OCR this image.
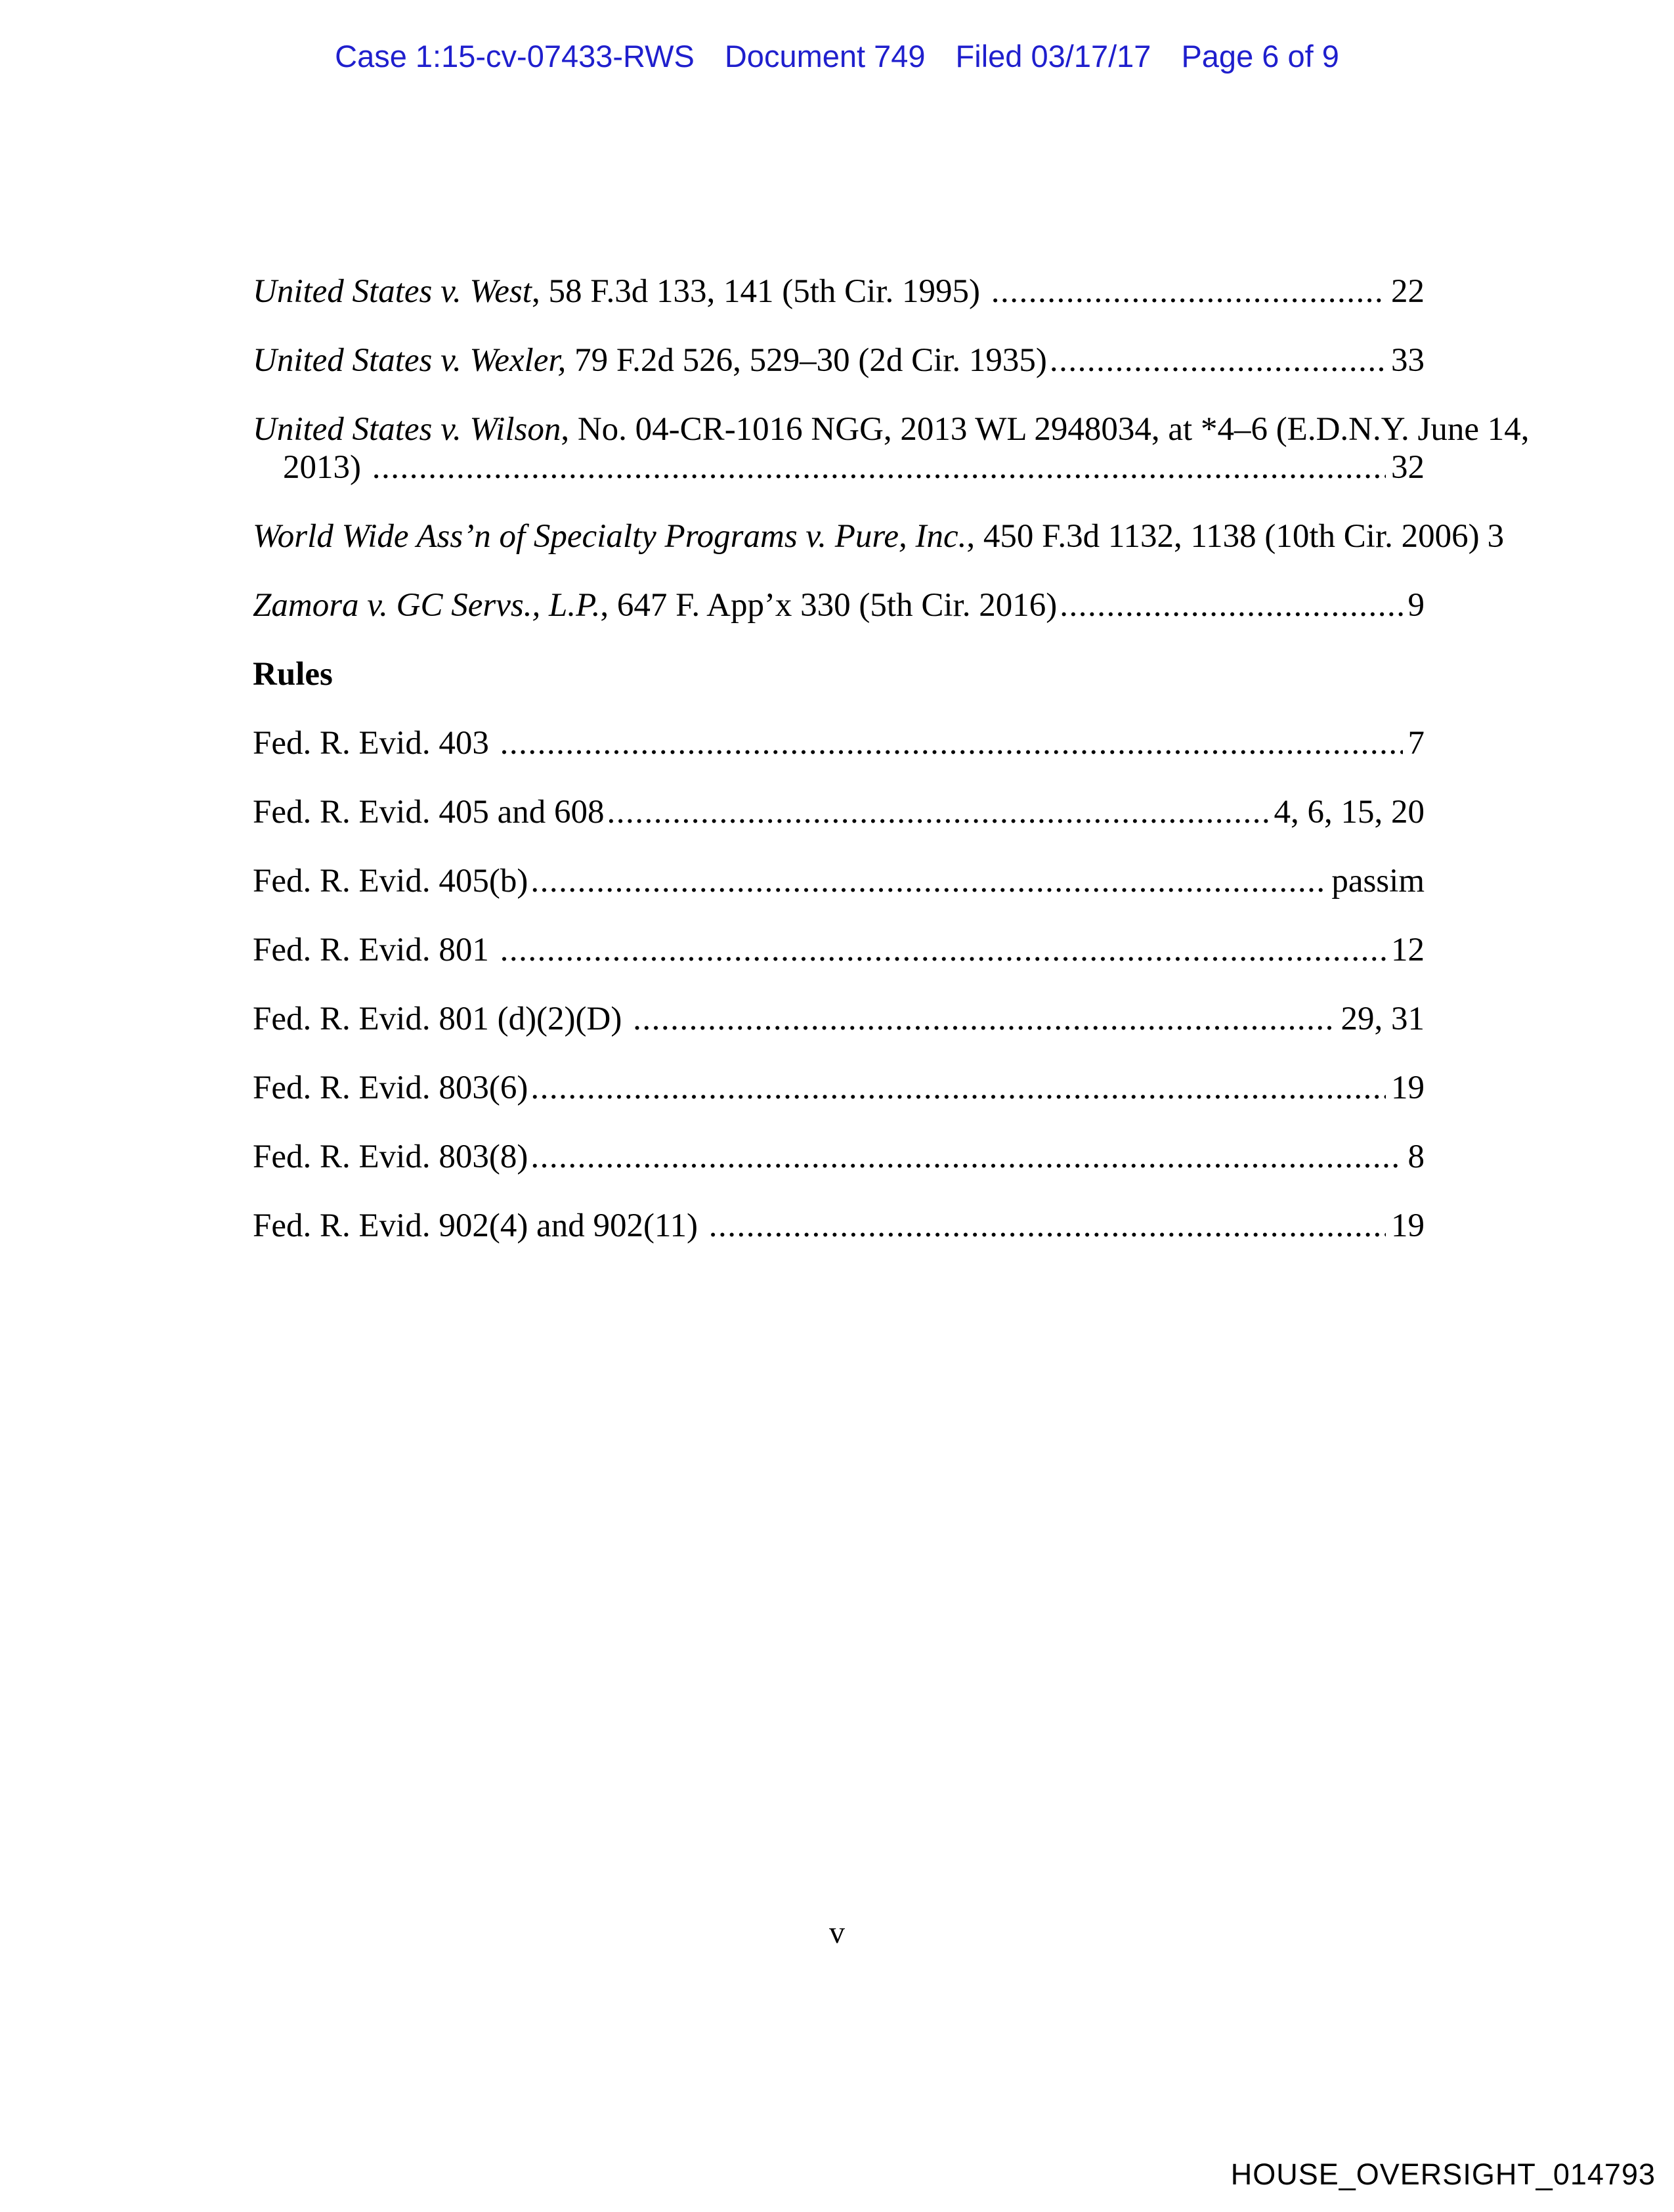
Case 1:15-cv-07433-RWS Document 749 Filed 03/17/17 Page 6 of 9
United States v. West, 58 F.3d 133, 141 (5th Cir. 1995) .....	22
United States v. Wexler, 79 F.2d 526, 529–30 (2d Cir. 1935) .....	33
United States v. Wilson, No. 04-CR-1016 NGG, 2013 WL 2948034, at *4–6 (E.D.N.Y. June 14,
2013) .....	32
World Wide Ass’n of Specialty Programs v. Pure, Inc., 450 F.3d 1132, 1138 (10th Cir. 2006) 3
Zamora v. GC Servs., L.P., 647 F. App’x 330 (5th Cir. 2016) .....	9
Rules
Fed. R. Evid. 403 .....	7
Fed. R. Evid. 405 and 608 .....	4, 6, 15, 20
Fed. R. Evid. 405(b) .....	passim
Fed. R. Evid. 801 .....	12
Fed. R. Evid. 801 (d)(2)(D) .....	29, 31
Fed. R. Evid. 803(6) .....	19
Fed. R. Evid. 803(8) .....	8
Fed. R. Evid. 902(4) and 902(11) .....	19
v
HOUSE_OVERSIGHT_014793
